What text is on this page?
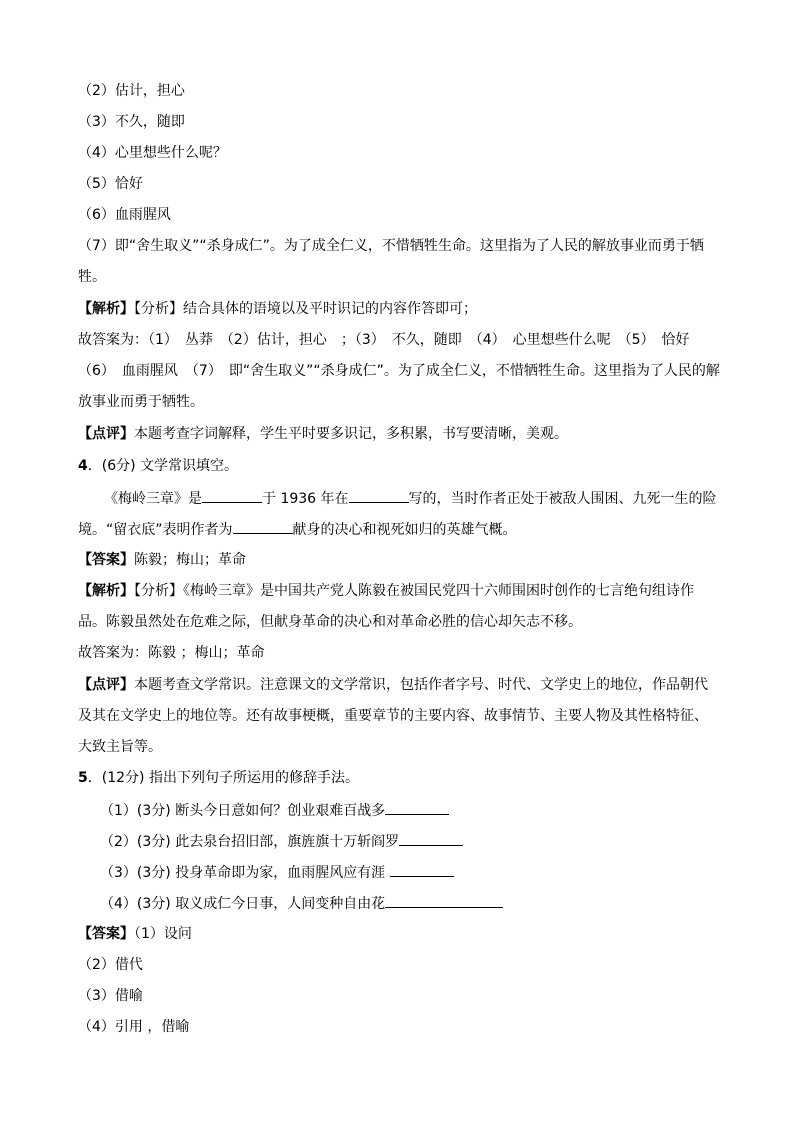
（2）估计，担心
（3）不久，随即
（4）心里想些什么呢？
（5）恰好
（6）血雨腥风
（7）即“舍生取义”“杀身成仁”。为了成全仁义，不惜牺牲生命。这里指为了人民的解放事业而勇于牺
牲。
【解析】【分析】结合具体的语境以及平时识记的内容作答即可；
故答案为：（1）　丛莽　（2）估计，担心　；（3）　不久，随即　（4）　心里想些什么呢　（5）　恰好
（6）　血雨腥风　（7）　即“舍生取义”“杀身成仁”。为了成全仁义，不惜牺牲生命。这里指为了人民的解
放事业而勇于牺牲。
【点评】本题考查字词解释，学生平时要多识记，多积累，书写要清晰，美观。
4．(6分) 文学常识填空。
《梅岭三章》是	于 1936 年在	写的，当时作者正处于被敌人围困、九死一生的险
境。“留衣底”表明作者为	献身的决心和视死如归的英雄气概。
【答案】陈毅；梅山；革命
【解析】【分析】《梅岭三章》是中国共产党人陈毅在被国民党四十六师围困时创作的七言绝句组诗作
品。陈毅虽然处在危难之际，但献身革命的决心和对革命必胜的信心却矢志不移。
故答案为：陈毅 ；梅山；革命
【点评】本题考查文学常识。注意课文的文学常识，包括作者字号、时代、文学史上的地位，作品朝代
及其在文学史上的地位等。还有故事梗概，重要章节的主要内容、故事情节、主要人物及其性格特征、
大致主旨等。
5．(12分) 指出下列句子所运用的修辞手法。
（1）(3分) 断头今日意如何？创业艰难百战多
（2）(3分) 此去泉台招旧部，旗旌旗十万斩阎罗
（3）(3分) 投身革命即为家，血雨腥风应有涯
（4）(3分) 取义成仁今日事，人间变种自由花
【答案】（1）设问
（2）借代
（3）借喻
（4）引用 ，借喻
